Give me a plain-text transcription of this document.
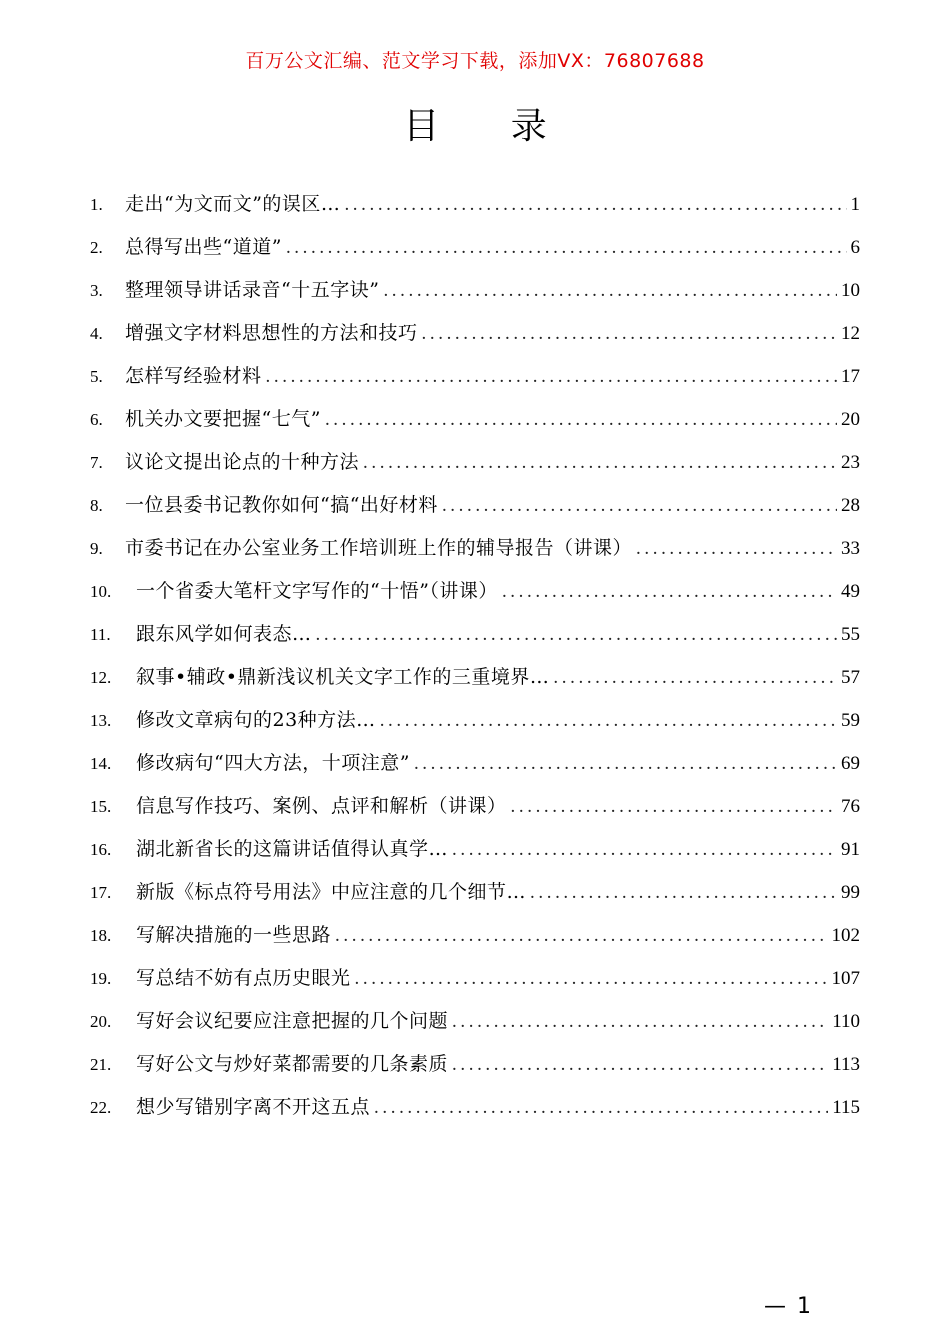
百万公文汇编、范文学习下载，添加VX：76807688
目 录
1.	走出“为文而文”的误区… .....	1
2.	总得写出些“道道” .....	6
3.	整理领导讲话录音“十五字诀” .....	10
4.	增强文字材料思想性的方法和技巧 .....	12
5.	怎样写经验材料 .....	17
6.	机关办文要把握“七气” .....	20
7.	议论文提出论点的十种方法 .....	23
8.	一位县委书记教你如何“搞“出好材料 .....	28
9.	市委书记在办公室业务工作培训班上作的辅导报告（讲课） .....	33
10.	一个省委大笔杆文字写作的“十悟”（讲课） .....	49
11.	跟东风学如何表态… .....	55
12.	叙事•辅政•鼎新浅议机关文字工作的三重境界… .....	57
13.	修改文章病句的23种方法… .....	59
14.	修改病句“四大方法，十项注意” .....	69
15.	信息写作技巧、案例、点评和解析（讲课） .....	76
16.	湖北新省长的这篇讲话值得认真学… .....	91
17.	新版《标点符号用法》中应注意的几个细节… .....	99
18.	写解决措施的一些思路 .....	102
19.	写总结不妨有点历史眼光 .....	107
20.	写好会议纪要应注意把握的几个问题 .....	110
21.	写好公文与炒好菜都需要的几条素质 .....	113
22.	想少写错别字离不开这五点 .....	115
— 1
